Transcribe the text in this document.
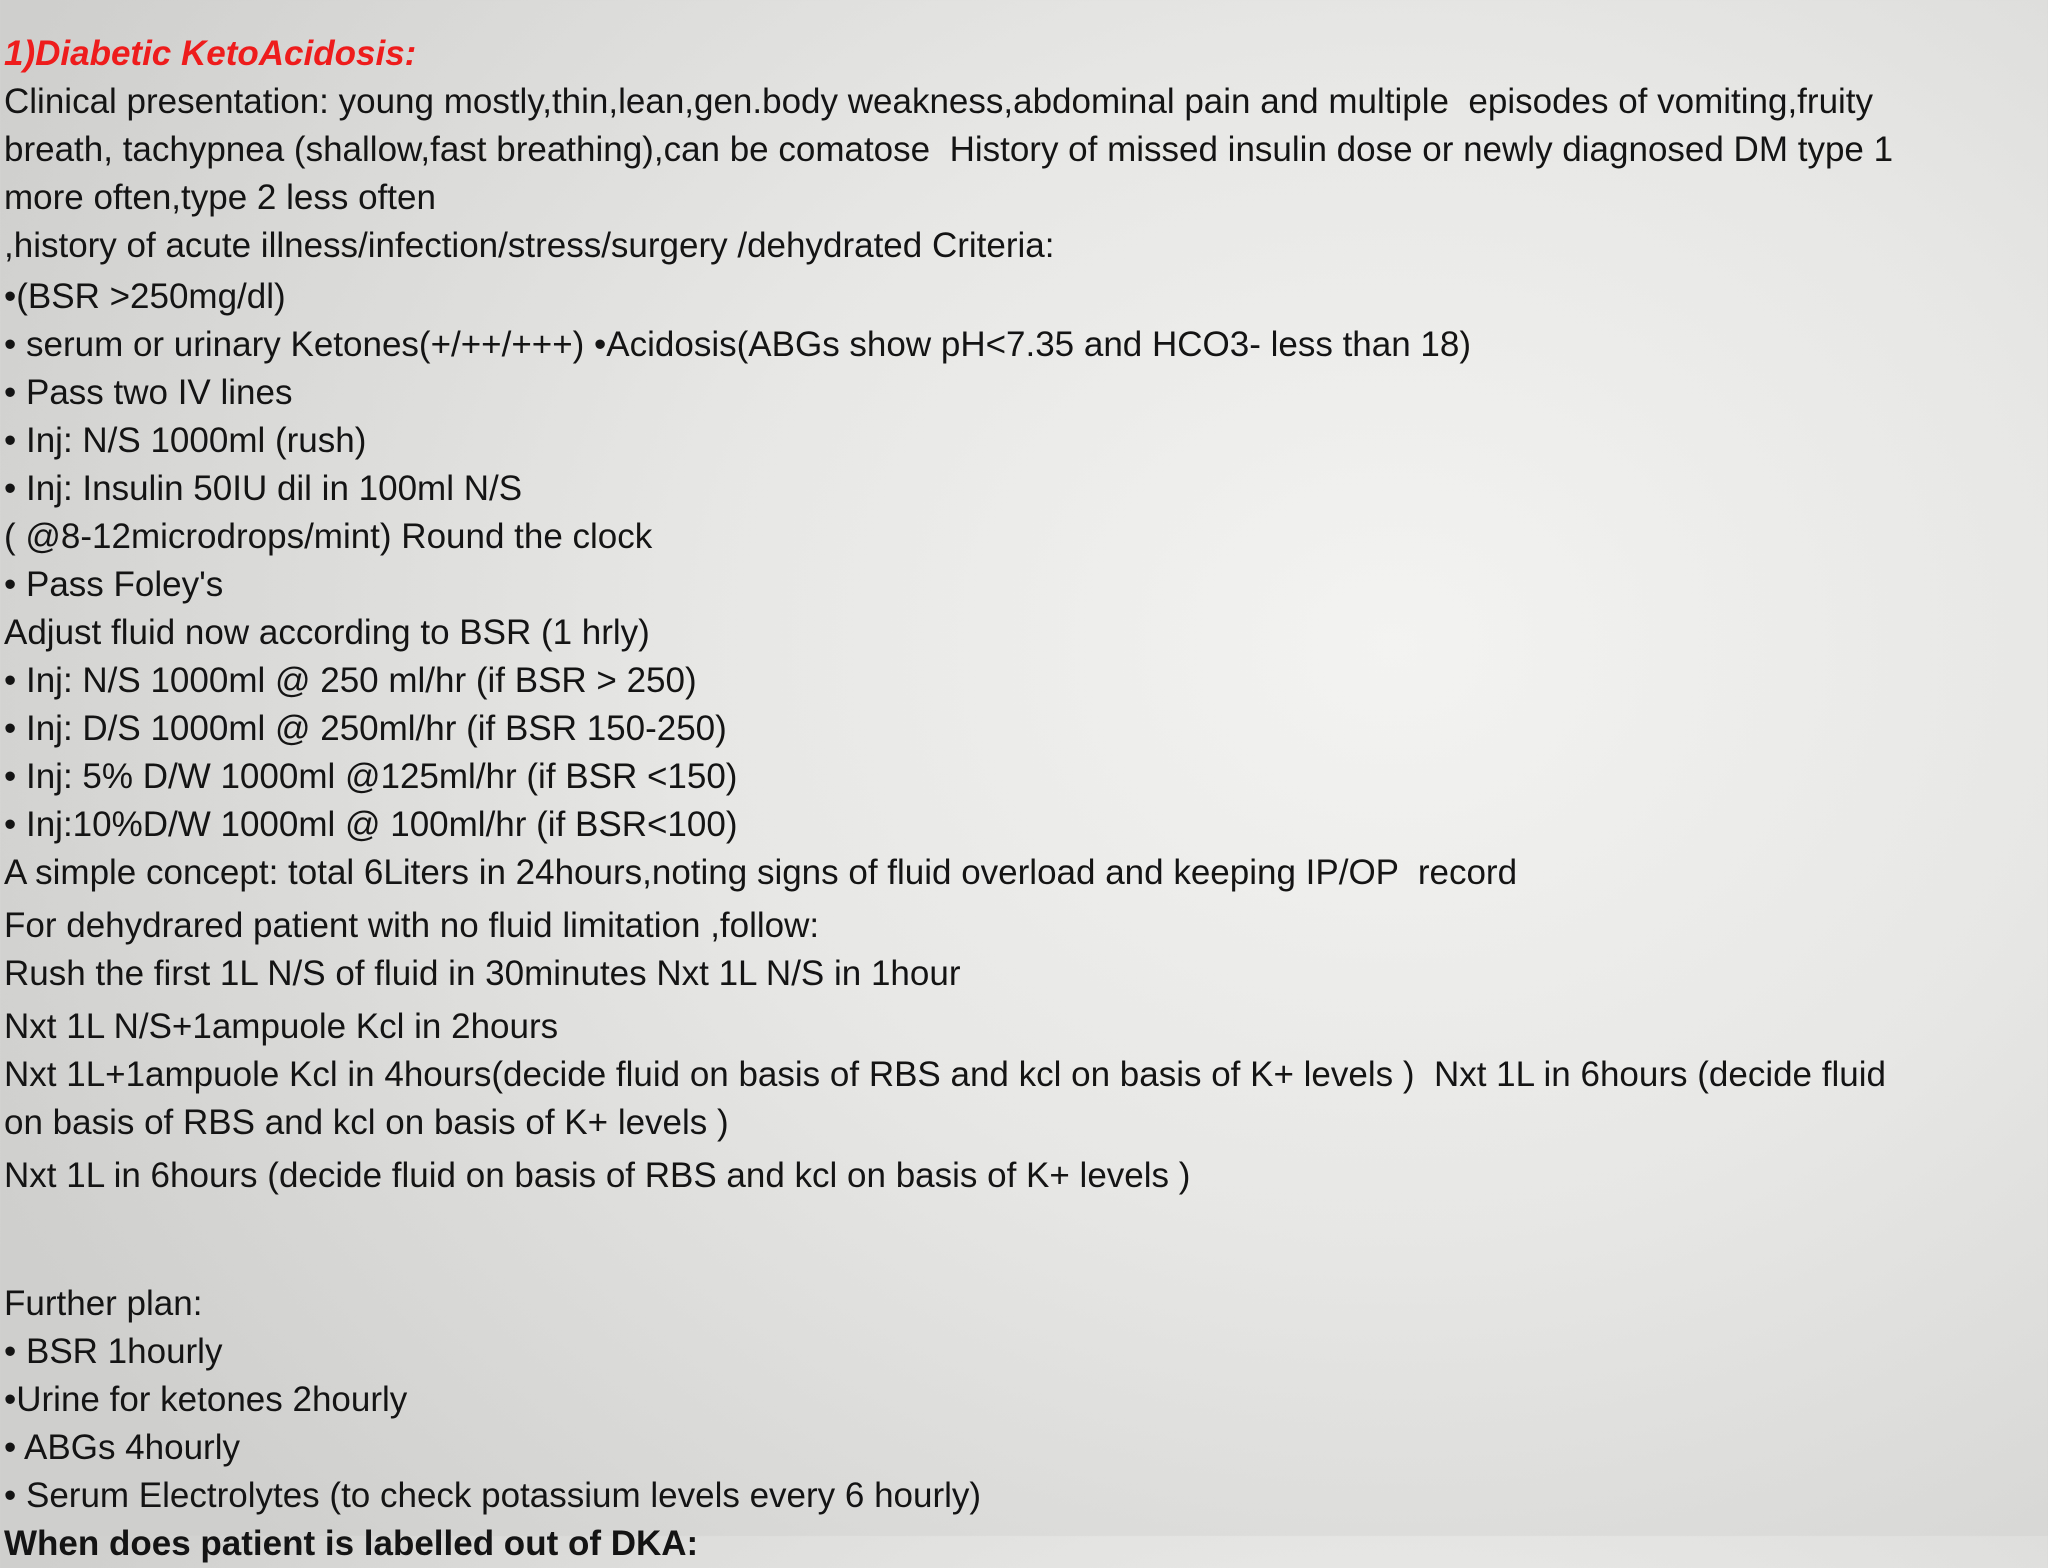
1)Diabetic KetoAcidosis:

Clinical presentation: young mostly,thin,lean,gen.body weakness,abdominal pain and multiple  episodes of vomiting,fruity

breath, tachypnea (shallow,fast breathing),can be comatose  History of missed insulin dose or newly diagnosed DM type 1

more often,type 2 less often

,history of acute illness/infection/stress/surgery /dehydrated Criteria:

•(BSR >250mg/dl)

• serum or urinary Ketones(+/++/+++) •Acidosis(ABGs show pH<7.35 and HCO3- less than 18)

• Pass two IV lines

• Inj: N/S 1000ml (rush)

• Inj: Insulin 50IU dil in 100ml N/S

( @8-12microdrops/mint) Round the clock

• Pass Foley's

Adjust fluid now according to BSR (1 hrly)

• Inj: N/S 1000ml @ 250 ml/hr (if BSR > 250)

• Inj: D/S 1000ml @ 250ml/hr (if BSR 150-250)

• Inj: 5% D/W 1000ml @125ml/hr (if BSR <150)

• Inj:10%D/W 1000ml @ 100ml/hr (if BSR<100)

A simple concept: total 6Liters in 24hours,noting signs of fluid overload and keeping IP/OP  record

For dehydrared patient with no fluid limitation ,follow:

Rush the first 1L N/S of fluid in 30minutes Nxt 1L N/S in 1hour

Nxt 1L N/S+1ampuole Kcl in 2hours

Nxt 1L+1ampuole Kcl in 4hours(decide fluid on basis of RBS and kcl on basis of K+ levels )  Nxt 1L in 6hours (decide fluid

on basis of RBS and kcl on basis of K+ levels )

Nxt 1L in 6hours (decide fluid on basis of RBS and kcl on basis of K+ levels )

Further plan:

• BSR 1hourly

•Urine for ketones 2hourly

• ABGs 4hourly

• Serum Electrolytes (to check potassium levels every 6 hourly)

When does patient is labelled out of DKA:
